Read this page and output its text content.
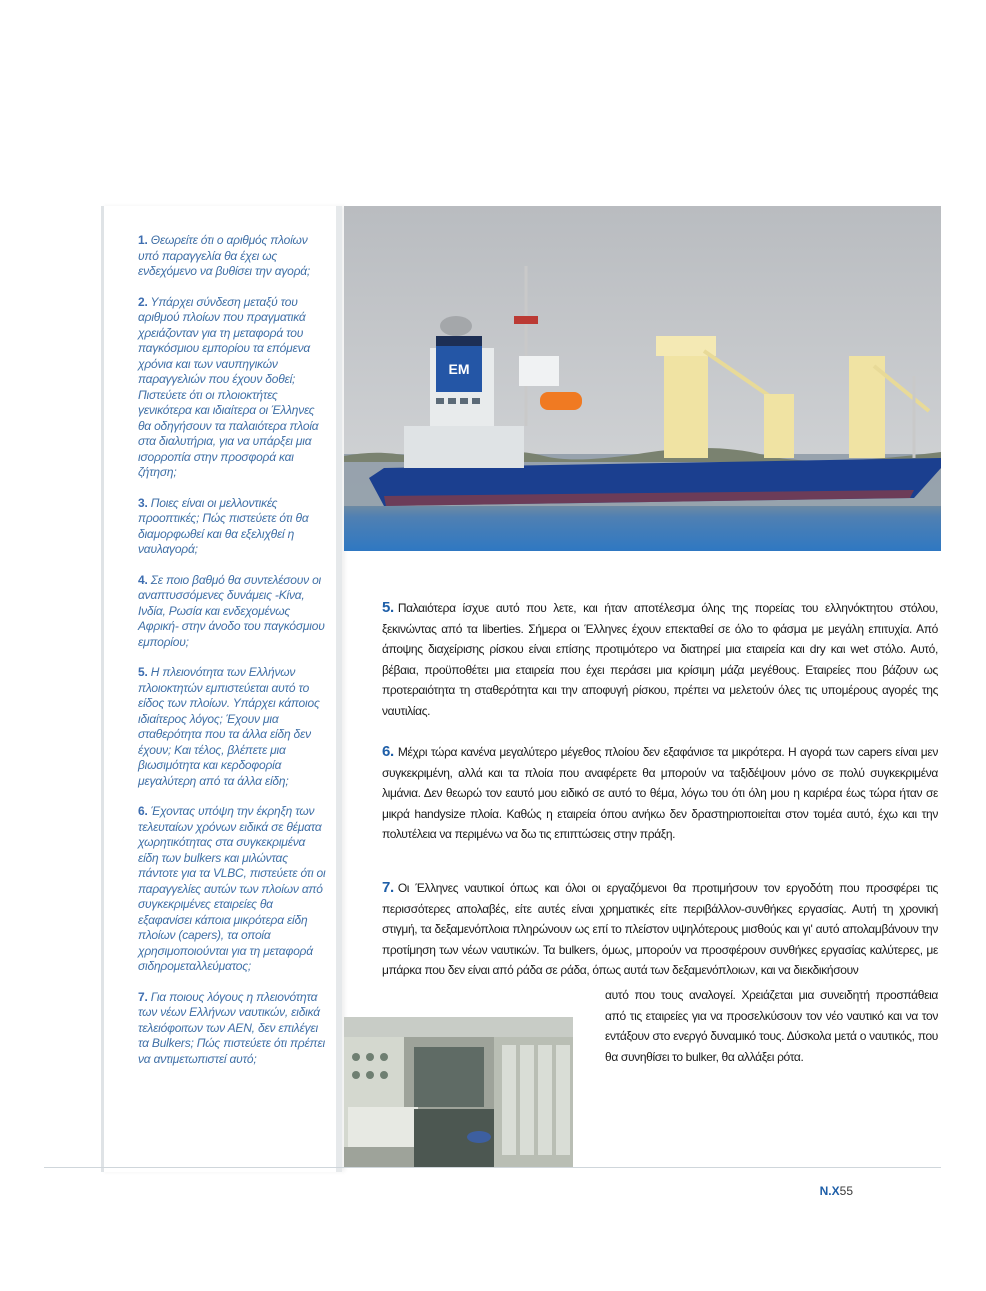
1. Θεωρείτε ότι ο αριθμός πλοίων υπό παραγγελία θα έχει ως ενδεχόμενο να βυθίσει την αγορά;

2. Υπάρχει σύνδεση μεταξύ του αριθμού πλοίων που πραγματικά χρειάζονταν για τη μεταφορά του παγκόσμιου εμπορίου τα επόμενα χρόνια και των ναυπηγικών παραγγελιών που έχουν δοθεί; Πιστεύετε ότι οι πλοιοκτήτες γενικότερα και ιδιαίτερα οι Έλληνες θα οδηγήσουν τα παλαιότερα πλοία στα διαλυτήρια, για να υπάρξει μια ισορροπία στην προσφορά και ζήτηση;

3. Ποιες είναι οι μελλοντικές προοπτικές; Πώς πιστεύετε ότι θα διαμορφωθεί και θα εξελιχθεί η ναυλαγορά;

4. Σε ποιο βαθμό θα συντελέσουν οι αναπτυσσόμενες δυνάμεις -Κίνα, Ινδία, Ρωσία και ενδεχομένως Αφρική- στην άνοδο του παγκόσμιου εμπορίου;

5. Η πλειονότητα των Ελλήνων πλοιοκτητών εμπιστεύεται αυτό το είδος των πλοίων. Υπάρχει κάποιος ιδιαίτερος λόγος; Έχουν μια σταθερότητα που τα άλλα είδη δεν έχουν; Και τέλος, βλέπετε μια βιωσιμότητα και κερδοφορία μεγαλύτερη από τα άλλα είδη;

6. Έχοντας υπόψη την έκρηξη των τελευταίων χρόνων ειδικά σε θέματα χωρητικότητας στα συγκεκριμένα είδη των bulkers και μιλώντας πάντοτε για τα VLBC, πιστεύετε ότι οι παραγγελίες αυτών των πλοίων από συγκεκριμένες εταιρείες θα εξαφανίσει κάποια μικρότερα είδη πλοίων (capers), τα οποία χρησιμοποιούνται για τη μεταφορά σιδηρομεταλλεύματος;

7. Για ποιους λόγους η πλειονότητα των νέων Ελλήνων ναυτικών, ειδικά τελειόφοιτων των ΑΕΝ, δεν επιλέγει τα Bulkers; Πώς πιστεύετε ότι πρέπει να αντιμετωπιστεί αυτό;

EM
5. Παλαιότερα ίσχυε αυτό που λετε, και ήταν αποτέλεσμα όλης της πορείας του ελληνόκτητου στόλου, ξεκινώντας από τα liberties. Σήμερα οι Έλληνες έχουν επεκταθεί σε όλο το φάσμα με μεγάλη επιτυχία. Από άποψης διαχείρισης ρίσκου είναι επίσης προτιμότερο να διατηρεί μια εταιρεία και dry και wet στόλο. Αυτό, βέβαια, προϋποθέτει μια εταιρεία που έχει περάσει μια κρίσιμη μάζα μεγέθους. Εταιρείες που βάζουν ως προτεραιότητα τη σταθερότητα και την αποφυγή ρίσκου, πρέπει να μελετούν όλες τις υπομέρους αγορές της ναυτιλίας.
6. Μέχρι τώρα κανένα μεγαλύτερο μέγεθος πλοίου δεν εξαφάνισε τα μικρότερα. Η αγορά των capers είναι μεν συγκεκριμένη, αλλά και τα πλοία που αναφέρετε θα μπορούν να ταξιδέψουν μόνο σε πολύ συγκεκριμένα λιμάνια. Δεν θεωρώ τον εαυτό μου ειδικό σε αυτό το θέμα, λόγω του ότι όλη μου η καριέρα έως τώρα ήταν σε μικρά handysize πλοία. Καθώς η εταιρεία όπου ανήκω δεν δραστηριοποιείται στον τομέα αυτό, έχω και την πολυτέλεια να περιμένω να δω τις επιπτώσεις στην πράξη.
7. Οι Έλληνες ναυτικοί όπως και όλοι οι εργαζόμενοι θα προτιμήσουν τον εργοδότη που προσφέρει τις περισσότερες απολαβές, είτε αυτές είναι χρηματικές είτε περιβάλλον-συνθήκες εργασίας. Αυτή τη χρονική στιγμή, τα δεξαμενόπλοια πληρώνουν ως επί το πλείστον υψηλότερους μισθούς και γι' αυτό απολαμβάνουν την προτίμηση των νέων ναυτικών. Τα bulkers, όμως, μπορούν να προσφέρουν συνθήκες εργασίας καλύτερες, με μπάρκα που δεν είναι από ράδα σε ράδα, όπως αυτά των δεξαμενόπλοιων, και να διεκδικήσουν
αυτό που τους αναλογεί. Χρειάζεται μια συνειδητή προσπάθεια από τις εταιρείες για να προσελκύσουν τον νέο ναυτικό και να τον εντάξουν στο ενεργό δυναμικό τους. Δύσκολα μετά ο ναυτικός, που θα συνηθίσει το bulker, θα αλλάξει ρότα.
Ν.Χ55
